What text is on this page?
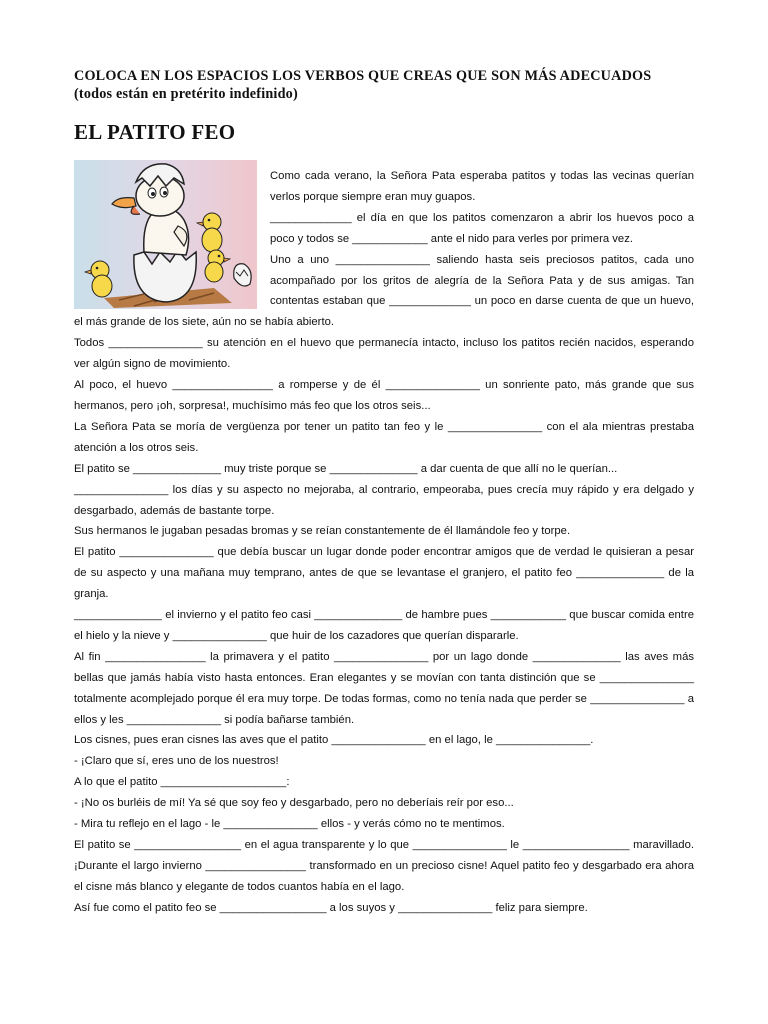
COLOCA EN LOS ESPACIOS LOS VERBOS QUE CREAS QUE SON MÁS ADECUADOS
(todos están en pretérito indefinido)

EL PATITO FEO

Como cada verano, la Señora Pata esperaba patitos y todas las vecinas querían verlos porque siempre eran muy guapos.

_____________ el día en que los patitos comenzaron a abrir los huevos poco a poco y todos se ____________ ante el nido para verles por primera vez.

Uno a uno _______________ saliendo hasta seis preciosos patitos, cada uno acompañado por los gritos de alegría de la Señora Pata y de sus amigas. Tan contentas estaban que _____________ un poco en darse cuenta de que un huevo, el más grande de los siete, aún no se había abierto.

Todos _______________ su atención en el huevo que permanecía intacto, incluso los patitos recién nacidos, esperando ver algún signo de movimiento.

Al poco, el huevo ________________ a romperse y de él _______________ un sonriente pato, más grande que sus hermanos, pero ¡oh, sorpresa!, muchísimo más feo que los otros seis...

La Señora Pata se moría de vergüenza por tener un patito tan feo y le _______________ con el ala mientras prestaba atención a los otros seis.

El patito se ______________ muy triste porque se ______________ a dar cuenta de que allí no le querían...

_______________ los días y su aspecto no mejoraba, al contrario, empeoraba, pues crecía muy rápido y era delgado y desgarbado, además de bastante torpe.

Sus hermanos le jugaban pesadas bromas y se reían constantemente de él llamándole feo y torpe.

El patito _______________ que debía buscar un lugar donde poder encontrar amigos que de verdad le quisieran a pesar de su aspecto y una mañana muy temprano, antes de que se levantase el granjero, el patito feo ______________ de la granja.

______________ el invierno y el patito feo casi ______________ de hambre pues ____________ que buscar comida entre el hielo y la nieve y _______________ que huir de los cazadores que querían dispararle.

Al fin ________________ la primavera y el patito _______________ por un lago donde ______________ las aves más bellas que jamás había visto hasta entonces. Eran elegantes y se movían con tanta distinción que se _______________ totalmente acomplejado porque él era muy torpe. De todas formas, como no tenía nada que perder se _______________ a ellos y les _______________ si podía bañarse también.

Los cisnes, pues eran cisnes las aves que el patito _______________ en el lago, le _______________.

- ¡Claro que sí, eres uno de los nuestros!

A lo que el patito ____________________:

- ¡No os burléis de mí! Ya sé que soy feo y desgarbado, pero no deberíais reír por eso...

- Mira tu reflejo en el lago - le _______________ ellos - y verás cómo no te mentimos.

El patito se _________________ en el agua transparente y lo que _______________ le _________________ maravillado. ¡Durante el largo invierno ________________ transformado en un precioso cisne! Aquel patito feo y desgarbado era ahora el cisne más blanco y elegante de todos cuantos había en el lago.

Así fue como el patito feo se _________________ a los suyos y _______________ feliz para siempre.
